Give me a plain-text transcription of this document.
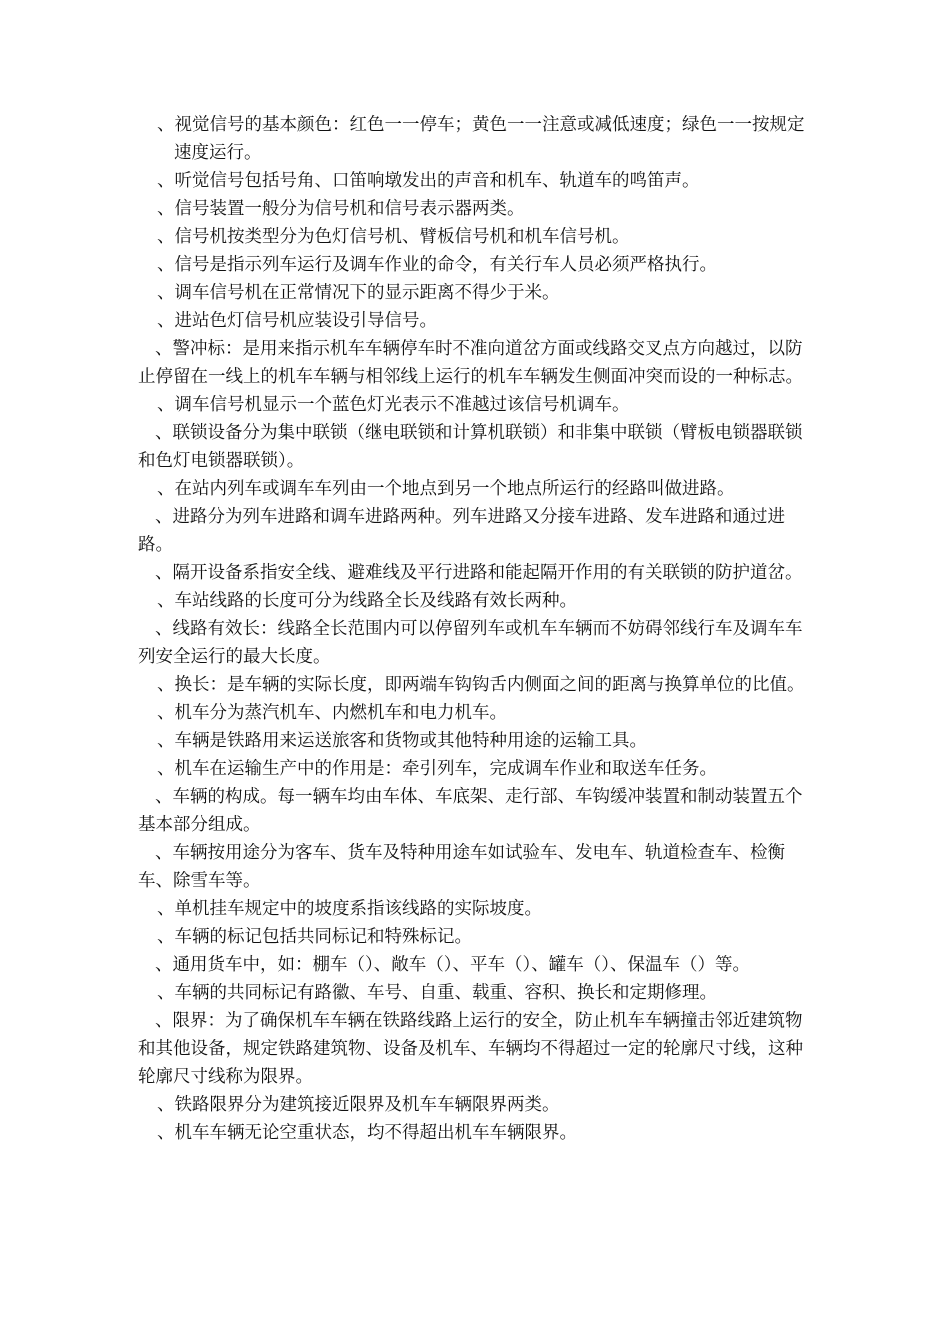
、视觉信号的基本颜色：红色一一停车；黄色一一注意或减低速度；绿色一一按规定速度运行。

、听觉信号包括号角、口笛响墩发出的声音和机车、轨道车的鸣笛声。

、信号装置一般分为信号机和信号表示器两类。

、信号机按类型分为色灯信号机、臂板信号机和机车信号机。

、信号是指示列车运行及调车作业的命令，有关行车人员必须严格执行。

、调车信号机在正常情况下的显示距离不得少于米。

、进站色灯信号机应装设引导信号。

、警冲标：是用来指示机车车辆停车时不准向道岔方面或线路交叉点方向越过，以防止停留在一线上的机车车辆与相邻线上运行的机车车辆发生侧面冲突而设的一种标志。

、调车信号机显示一个蓝色灯光表示不准越过该信号机调车。

、联锁设备分为集中联锁（继电联锁和计算机联锁）和非集中联锁（臂板电锁器联锁和色灯电锁器联锁）。

、在站内列车或调车车列由一个地点到另一个地点所运行的经路叫做进路。

、进路分为列车进路和调车进路两种。列车进路又分接车进路、发车进路和通过进路。

、隔开设备系指安全线、避难线及平行进路和能起隔开作用的有关联锁的防护道岔。

、车站线路的长度可分为线路全长及线路有效长两种。

、线路有效长：线路全长范围内可以停留列车或机车车辆而不妨碍邻线行车及调车车列安全运行的最大长度。

、换长：是车辆的实际长度，即两端车钩钩舌内侧面之间的距离与换算单位的比值。

、机车分为蒸汽机车、内燃机车和电力机车。

、车辆是铁路用来运送旅客和货物或其他特种用途的运输工具。

、机车在运输生产中的作用是：牵引列车，完成调车作业和取送车任务。

、车辆的构成。每一辆车均由车体、车底架、走行部、车钩缓冲装置和制动装置五个基本部分组成。

、车辆按用途分为客车、货车及特种用途车如试验车、发电车、轨道检查车、检衡车、除雪车等。

、单机挂车规定中的坡度系指该线路的实际坡度。

、车辆的标记包括共同标记和特殊标记。

、通用货车中，如：棚车（）、敞车（）、平车（）、罐车（）、保温车（）等。

、车辆的共同标记有路徽、车号、自重、载重、容积、换长和定期修理。

、限界：为了确保机车车辆在铁路线路上运行的安全，防止机车车辆撞击邻近建筑物和其他设备，规定铁路建筑物、设备及机车、车辆均不得超过一定的轮廓尺寸线，这种轮廓尺寸线称为限界。

、铁路限界分为建筑接近限界及机车车辆限界两类。

、机车车辆无论空重状态，均不得超出机车车辆限界。
